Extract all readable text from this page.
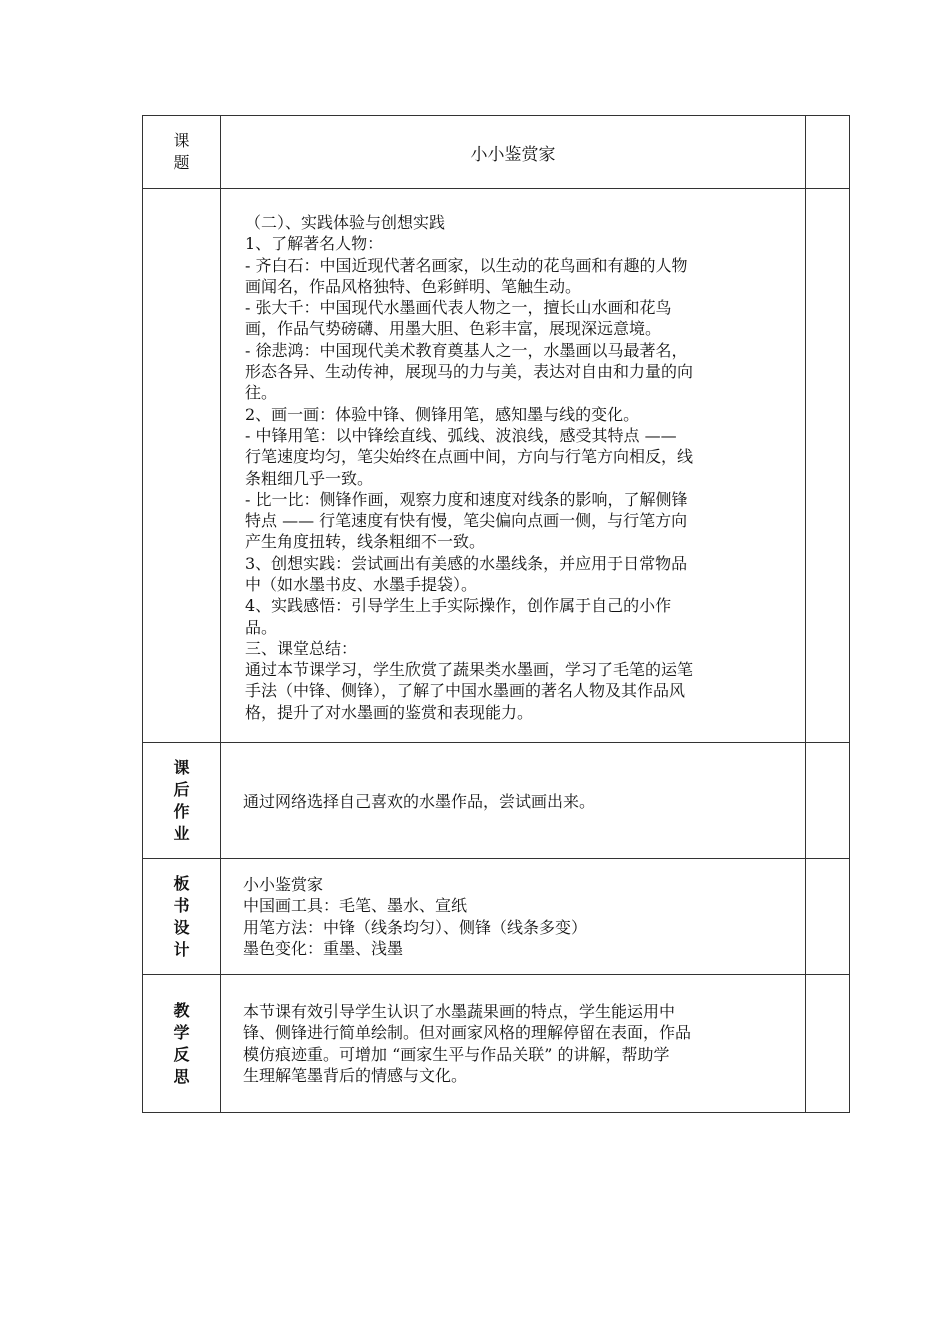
课
题	小小鉴赏家	

（二）、实践体验与创想实践
1、了解著名人物：
- 齐白石：中国近现代著名画家，以生动的花鸟画和有趣的人物
画闻名，作品风格独特、色彩鲜明、笔触生动。
- 张大千：中国现代水墨画代表人物之一，擅长山水画和花鸟
画，作品气势磅礴、用墨大胆、色彩丰富，展现深远意境。
- 徐悲鸿：中国现代美术教育奠基人之一，水墨画以马最著名，
形态各异、生动传神，展现马的力与美，表达对自由和力量的向
往。
2、画一画：体验中锋、侧锋用笔，感知墨与线的变化。
- 中锋用笔：以中锋绘直线、弧线、波浪线，感受其特点 ——
行笔速度均匀，笔尖始终在点画中间，方向与行笔方向相反，线
条粗细几乎一致。
- 比一比：侧锋作画，观察力度和速度对线条的影响，了解侧锋
特点 —— 行笔速度有快有慢，笔尖偏向点画一侧，与行笔方向
产生角度扭转，线条粗细不一致。
3、创想实践：尝试画出有美感的水墨线条，并应用于日常物品
中（如水墨书皮、水墨手提袋）。
4、实践感悟：引导学生上手实际操作，创作属于自己的小作
品。
三、课堂总结：
通过本节课学习，学生欣赏了蔬果类水墨画，学习了毛笔的运笔
手法（中锋、侧锋），了解了中国水墨画的著名人物及其作品风
格，提升了对水墨画的鉴赏和表现能力。

课
后
作
业	通过网络选择自己喜欢的水墨作品，尝试画出来。	

板
书
设
计	小小鉴赏家
中国画工具：毛笔、墨水、宣纸
用笔方法：中锋（线条均匀）、侧锋（线条多变）
墨色变化：重墨、浅墨	

教
学
反
思	本节课有效引导学生认识了水墨蔬果画的特点，学生能运用中
锋、侧锋进行简单绘制。但对画家风格的理解停留在表面，作品
模仿痕迹重。可增加 “画家生平与作品关联” 的讲解，帮助学
生理解笔墨背后的情感与文化。	
